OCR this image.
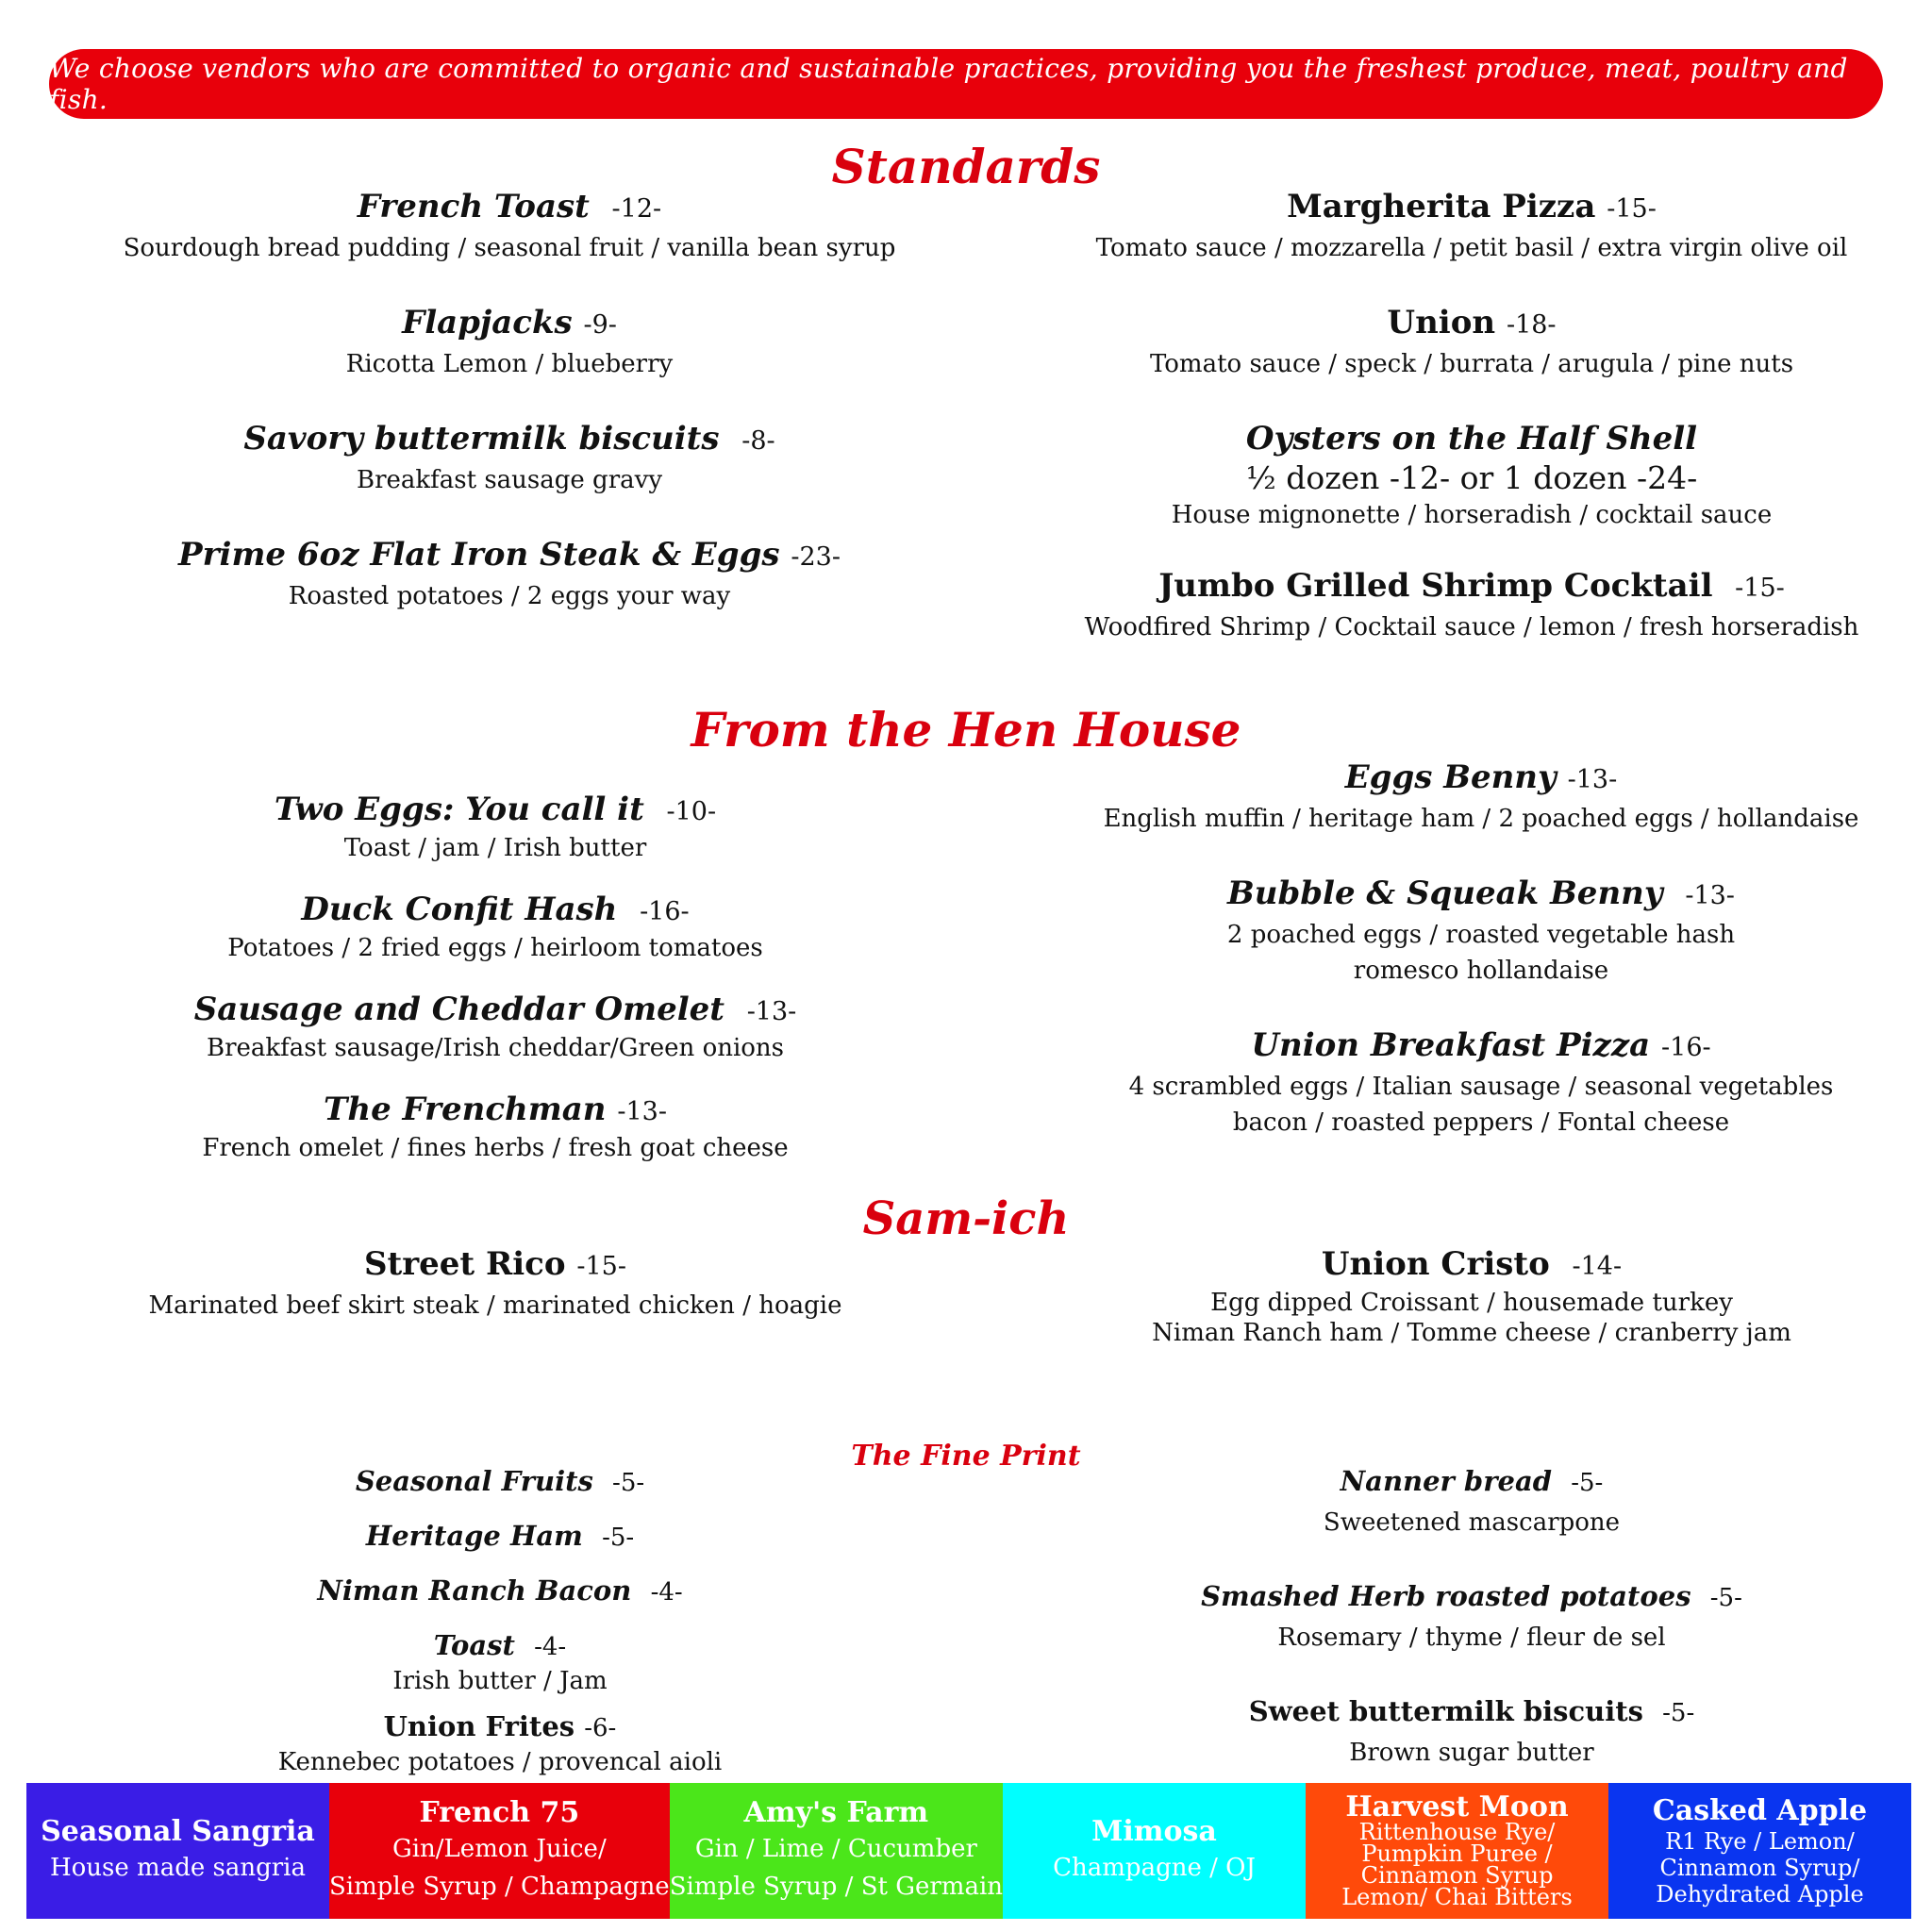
We choose vendors who are committed to organic and sustainable practices, providing you the freshest produce, meat, poultry and fish.
Standards
French Toast -12-
Sourdough bread pudding / seasonal fruit / vanilla bean syrup
Flapjacks -9-
Ricotta Lemon / blueberry
Savory buttermilk biscuits -8-
Breakfast sausage gravy
Prime 6oz Flat Iron Steak & Eggs -23-
Roasted potatoes / 2 eggs your way
Margherita Pizza -15-
Tomato sauce / mozzarella / petit basil / extra virgin olive oil
Union -18-
Tomato sauce / speck / burrata / arugula / pine nuts
Oysters on the Half Shell
½ dozen -12- or 1 dozen -24-
House mignonette / horseradish / cocktail sauce
Jumbo Grilled Shrimp Cocktail -15-
Woodfired Shrimp / Cocktail sauce / lemon / fresh horseradish
From the Hen House
Two Eggs: You call it -10-
Toast / jam / Irish butter
Duck Confit Hash -16-
Potatoes / 2 fried eggs / heirloom tomatoes
Sausage and Cheddar Omelet -13-
Breakfast sausage/Irish cheddar/Green onions
The Frenchman -13-
French omelet / fines herbs / fresh goat cheese
Eggs Benny -13-
English muffin / heritage ham / 2 poached eggs / hollandaise
Bubble & Squeak Benny -13-
2 poached eggs / roasted vegetable hash
romesco hollandaise
Union Breakfast Pizza -16-
4 scrambled eggs / Italian sausage / seasonal vegetables
bacon / roasted peppers / Fontal cheese
Sam-ich
Street Rico -15-
Marinated beef skirt steak / marinated chicken / hoagie
Union Cristo -14-
Egg dipped Croissant / housemade turkey
Niman Ranch ham / Tomme cheese / cranberry jam
The Fine Print
Seasonal Fruits -5-
Heritage Ham -5-
Niman Ranch Bacon -4-
Toast -4-
Irish butter / Jam
Union Frites -6-
Kennebec potatoes / provencal aioli
Nanner bread -5-
Sweetened mascarpone
Smashed Herb roasted potatoes -5-
Rosemary / thyme / fleur de sel
Sweet buttermilk biscuits -5-
Brown sugar butter
Seasonal Sangria
House made sangria
French 75
Gin/Lemon Juice/
Simple Syrup / Champagne
Amy's Farm
Gin / Lime / Cucumber
Simple Syrup / St Germain
Mimosa
Champagne / OJ
Harvest Moon
Rittenhouse Rye/
Pumpkin Puree /
Cinnamon Syrup
Lemon/ Chai Bitters
Casked Apple
R1 Rye / Lemon/
Cinnamon Syrup/
Dehydrated Apple
